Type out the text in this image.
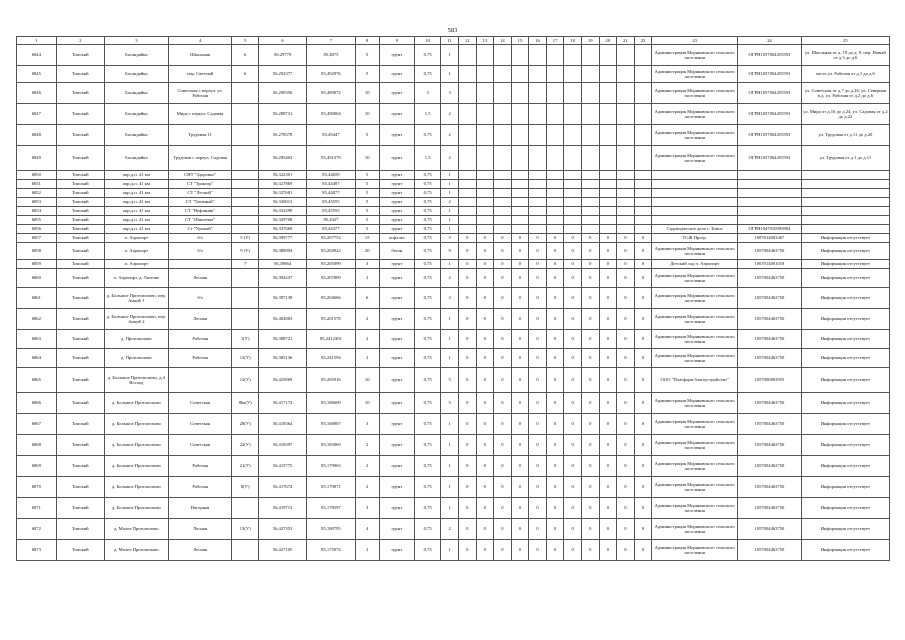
583
1	2	3	4	5	6	7	8	9	10	11	12	13	14	15	16	17	18	19	20	21	22	23	24	25
6844	Томский	Басандайка	Школьная	6	56,29779	85,4875	5	грунт	0,75	1												Администрация Моряковского сельского поселения	ОГРН1057004455593	ул. Школьная от д. 19 до д. 9, пер. Новый от д.5 до д.6
6845	Томский	Басандайка	пер. Светлый	6	56,292377	85,492976	5	грунт	0,75	1												Администрация Моряковского сельского поселения	ОГРН1057004455593	часть ул. Рабочая от д.1 до д.6
6846	Томский	Басандайка	Советская с переул. ул. Рабочая		56,290356	85,489072	10	грунт	3	3												Администрация Моряковского сельского поселения	ОГРН1057004455593	ул. Советская от д.7 до д.26, ул. Северная в.д. ул. Рабочая от д.2 до д.6
6847	Томский	Басандайка	Мира с переул. Садовая		56,288731	85,490004	10	грунт	1,5	2												Администрация Моряковского сельского поселения	ОГРН1057004455593	ул. Мира от д.16 до д.24, ул. Садовая от д.2 до д.22
6848	Томский	Басандайка	Трудовая 11		56,278378	85,49447	5	грунт	0,75	2												Администрация Моряковского сельского поселения	ОГРН1057004455593	ул. Трудовая от д.11 до д.20
6849	Томский	Басандайка	Трудовая с переул. Садовая		56,285402	85,491379	10	грунт	1,5	2												Администрация Моряковского сельского поселения	ОГРН1057004455593	ул. Трудовая от д.1 до д.11
6850	Томский	окр.д.п. 41 км	СНТ "Здоровье"		56,322301	85,44659	5	грунт	0,75	1														
6851	Томский	окр.д.п. 41 км	СТ "Трактор"		56,327869	85,44497	5	грунт	0,75	1														
6852	Томский	окр.д.п. 41 км	СТ "Лесной"		56,327681	85,44877	5	грунт	0,75	1														
6853	Томский	окр.д.п. 41 км	СТ "Таежный"		56,330013	85,45555	5	грунт	0,75	2														
6854	Томский	окр.д.п. 41 км	СТ "Нефтяник"		56,332299	85,45555	5	грунт	0,75	1														
6855	Томский	окр.д.п. 41 км	СТ "Шишечка"		56,329708	85,4427	5	грунт	0,75	1														
6856	Томский	окр.д.п. 41 км	Ст "Урожай"		56,337669	85,44377	5	грунт	0,75	1												Садоводческое дело г. Томск	ОГРН1047010095884	
6857	Томский	п. Аэропорт	б/з	5 (У)	56,399777	85,207753	15	асфальт	0,75	5	0	0	0	0	0	0	0	0	0	0	0	ТСЖ Прогр.	1087014003467	Информация отсутствует
6858	Томский	п. Аэропорт	б/з	9 (У)	56,388994	85,204922	20	бетон	0,75	9	0	0	0	0	0	0	0	0	0	0	0	Администрация Моряковского сельского поселения	1057004463750	Информация отсутствует
6859	Томский	п. Аэропорт		7	56,39864	85,205099	3	грунт	0,75	1	0	0	0	0	0	0	0	0	0	0	0	Детский сад п. Аэропорт	1067014001018	Информация отсутствует
6860	Томский	п. Аэропорт, д. Лязгово	Лесная		56,394237	85,207809	2	грунт	0,75	2	0	0	0	0	0	0	0	0	0	0	0	Администрация Моряковского сельского поселения	1057004463750	Информация отсутствует
6861	Томский	д. Большое Протопопово, пер. Анциб 1	б/з		56,397138	85,204666	6	грунт	0,75	3	0	0	0	0	0	0	0	0	0	0	0	Администрация Моряковского сельского поселения	1057004463750	Информация отсутствует
6862	Томский	д. Большое Протопопово, пер. Анциб 2	Лесная		56,402883	85,201578	2	грунт	0,75	1	0	0	0	0	0	0	0	0	0	0	0	Администрация Моряковского сельского поселения	1057004463750	Информация отсутствует
6863	Томский	д. Протопопово	Рабочая	1(У)	56,388721	85,2412301	2	грунт	0,75	1	0	0	0	0	0	0	0	0	0	0	0	Администрация Моряковского сельского поселения	1057004463750	Информация отсутствует
6864	Томский	д. Протопопово	Рабочая	13(У)	56,385136	85,241594	2	грунт	0,75	1	0	0	0	0	0	0	0	0	0	0	0	Администрация Моряковского сельского поселения	1057004463750	Информация отсутствует
6865	Томский	д. Большое Протопопово, д.4 Восход		12(У)	56,425869	85,205916	10	грунт	0,75	5	0	0	0	0	0	0	0	0	0	0	0	ООО "Платформ благоустройство"	1057000003955	Информация отсутствует
6866	Томский	д. Большое Протопопово	Советская	86a(У)	56,417174	85,188609	10	грунт	0,75	5	0	0	0	0	0	0	0	0	0	0	0	Администрация Моряковского сельского поселения	1057004463750	Информация отсутствует
6867	Томский	д. Большое Протопопово	Советская	28(У)	56,418364	85,168807	3	грунт	0,75	1	0	0	0	0	0	0	0	0	0	0	0	Администрация Моряковского сельского поселения	1057004463750	Информация отсутствует
6868	Томский	д. Большое Протопопово	Советская	22(У)	56,418397	85,183069	2	грунт	0,75	1	0	0	0	0	0	0	0	0	0	0	0	Администрация Моряковского сельского поселения	1057004463750	Информация отсутствует
6869	Томский	д. Большое Протопопово	Рабочая	21(У)	56,415775	85,179963	2	грунт	0,75	1	0	0	0	0	0	0	0	0	0	0	0	Администрация Моряковского сельского поселения	1057004463750	Информация отсутствует
6870	Томский	д. Большое Протопопово	Рабочая	8(У)	56,417674	85,179871	2	грунт	0,75	1	0	0	0	0	0	0	0	0	0	0	0	Администрация Моряковского сельского поселения	1057004463750	Информация отсутствует
6871	Томский	д. Большое Протопопово	Нагорная		56,419713	85,178597	3	грунт	0,75	1	0	0	0	0	0	0	0	0	0	0	0	Администрация Моряковского сельского поселения	1057004463750	Информация отсутствует
6872	Томский	д. Малое Протопопово	Лесная	13(У)	56,427353	85,180795	4	грунт	0,75	2	0	0	0	0	0	0	0	0	0	0	0	Администрация Моряковского сельского поселения	1057004463750	Информация отсутствует
6873	Томский	д. Малое Протопопово	Лесная		56,427105	85,175074	2	грунт	0,75	1	0	0	0	0	0	0	0	0	0	0	0	Администрация Моряковского сельского поселения	1057004463750	Информация отсутствует
